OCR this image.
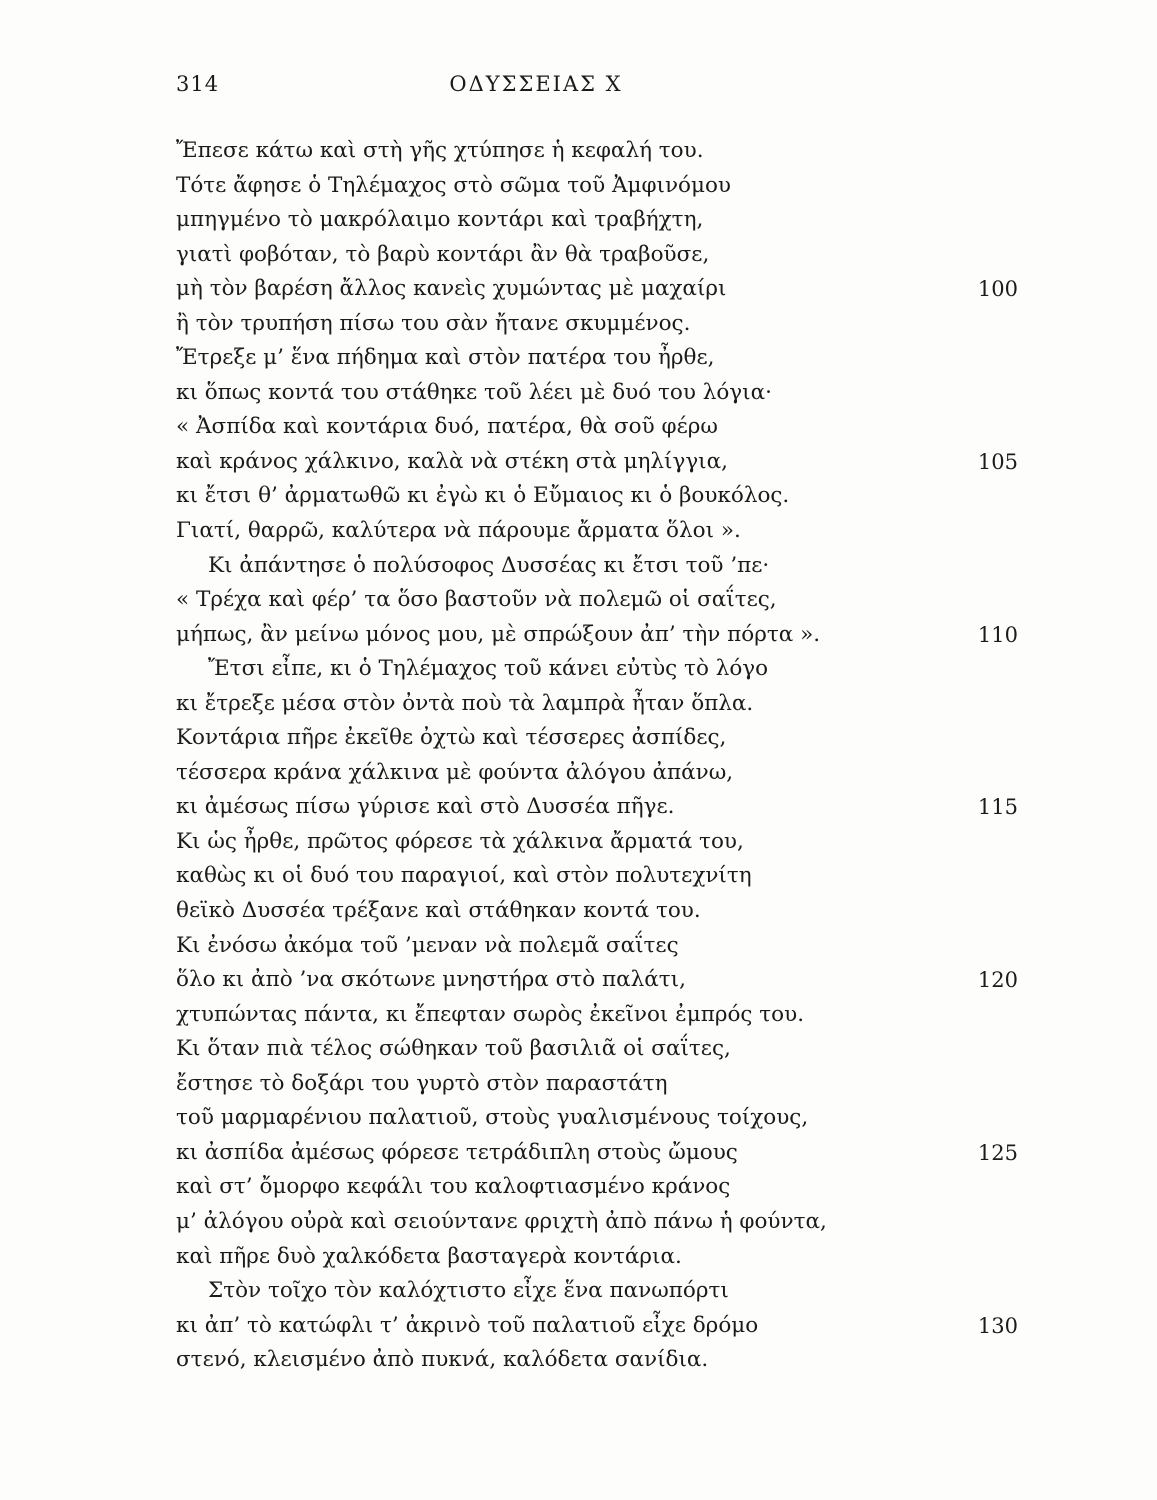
314	ΟΔΥΣΣΕΙΑΣ Χ
Ἔπεσε κάτω καὶ στὴ γῆς χτύπησε ἡ κεφαλή του.
Τότε ἄφησε ὁ Τηλέμαχος στὸ σῶμα τοῦ Ἀμφινόμου
μπηγμένο τὸ μακρόλαιμο κοντάρι καὶ τραβήχτη,
γιατὶ φοβόταν, τὸ βαρὺ κοντάρι ἂν θὰ τραβοῦσε,
μὴ τὸν βαρέση ἄλλος κανεὶς χυμώντας μὲ μαχαίρι	100
ἢ τὸν τρυπήση πίσω του σὰν ἤτανε σκυμμένος.
Ἔτρεξε μ’ ἕνα πήδημα καὶ στὸν πατέρα του ἦρθε,
κι ὅπως κοντά του στάθηκε τοῦ λέει μὲ δυό του λόγια·
« Ἀσπίδα καὶ κοντάρια δυό, πατέρα, θὰ σοῦ φέρω
καὶ κράνος χάλκινο, καλὰ νὰ στέκη στὰ μηλίγγια,	105
κι ἔτσι θ’ ἀρματωθῶ κι ἐγὼ κι ὁ Εὔμαιος κι ὁ βουκόλος.
Γιατί, θαρρῶ, καλύτερα νὰ πάρουμε ἄρματα ὅλοι ».
Κι ἀπάντησε ὁ πολύσοφος Δυσσέας κι ἔτσι τοῦ ’πε·
« Τρέχα καὶ φέρ’ τα ὅσο βαστοῦν νὰ πολεμῶ οἱ σαΐτες,
μήπως, ἂν μείνω μόνος μου, μὲ σπρώξουν ἀπ’ τὴν πόρτα ».	110
Ἔτσι εἶπε, κι ὁ Τηλέμαχος τοῦ κάνει εὐτὺς τὸ λόγο
κι ἔτρεξε μέσα στὸν ὀντὰ ποὺ τὰ λαμπρὰ ἦταν ὅπλα.
Κοντάρια πῆρε ἐκεῖθε ὀχτὼ καὶ τέσσερες ἀσπίδες,
τέσσερα κράνα χάλκινα μὲ φούντα ἀλόγου ἀπάνω,
κι ἀμέσως πίσω γύρισε καὶ στὸ Δυσσέα πῆγε.	115
Κι ὡς ἦρθε, πρῶτος φόρεσε τὰ χάλκινα ἄρματά του,
καθὼς κι οἱ δυό του παραγιοί, καὶ στὸν πολυτεχνίτη
θεϊκὸ Δυσσέα τρέξανε καὶ στάθηκαν κοντά του.
Κι ἐνόσω ἀκόμα τοῦ ’μεναν νὰ πολεμᾶ σαΐτες
ὅλο κι ἀπὸ ’να σκότωνε μνηστήρα στὸ παλάτι,	120
χτυπώντας πάντα, κι ἔπεφταν σωρὸς ἐκεῖνοι ἐμπρός του.
Κι ὅταν πιὰ τέλος σώθηκαν τοῦ βασιλιᾶ οἱ σαΐτες,
ἔστησε τὸ δοξάρι του γυρτὸ στὸν παραστάτη
τοῦ μαρμαρένιου παλατιοῦ, στοὺς γυαλισμένους τοίχους,
κι ἀσπίδα ἀμέσως φόρεσε τετράδιπλη στοὺς ὤμους	125
καὶ στ’ ὄμορφο κεφάλι του καλοφτιασμένο κράνος
μ’ ἀλόγου οὐρὰ καὶ σειούντανε φριχτὴ ἀπὸ πάνω ἡ φούντα,
καὶ πῆρε δυὸ χαλκόδετα βασταγερὰ κοντάρια.
Στὸν τοῖχο τὸν καλόχτιστο εἶχε ἕνα πανωπόρτι
κι ἀπ’ τὸ κατώφλι τ’ ἀκρινὸ τοῦ παλατιοῦ εἶχε δρόμο	130
στενό, κλεισμένο ἀπὸ πυκνά, καλόδετα σανίδια.
